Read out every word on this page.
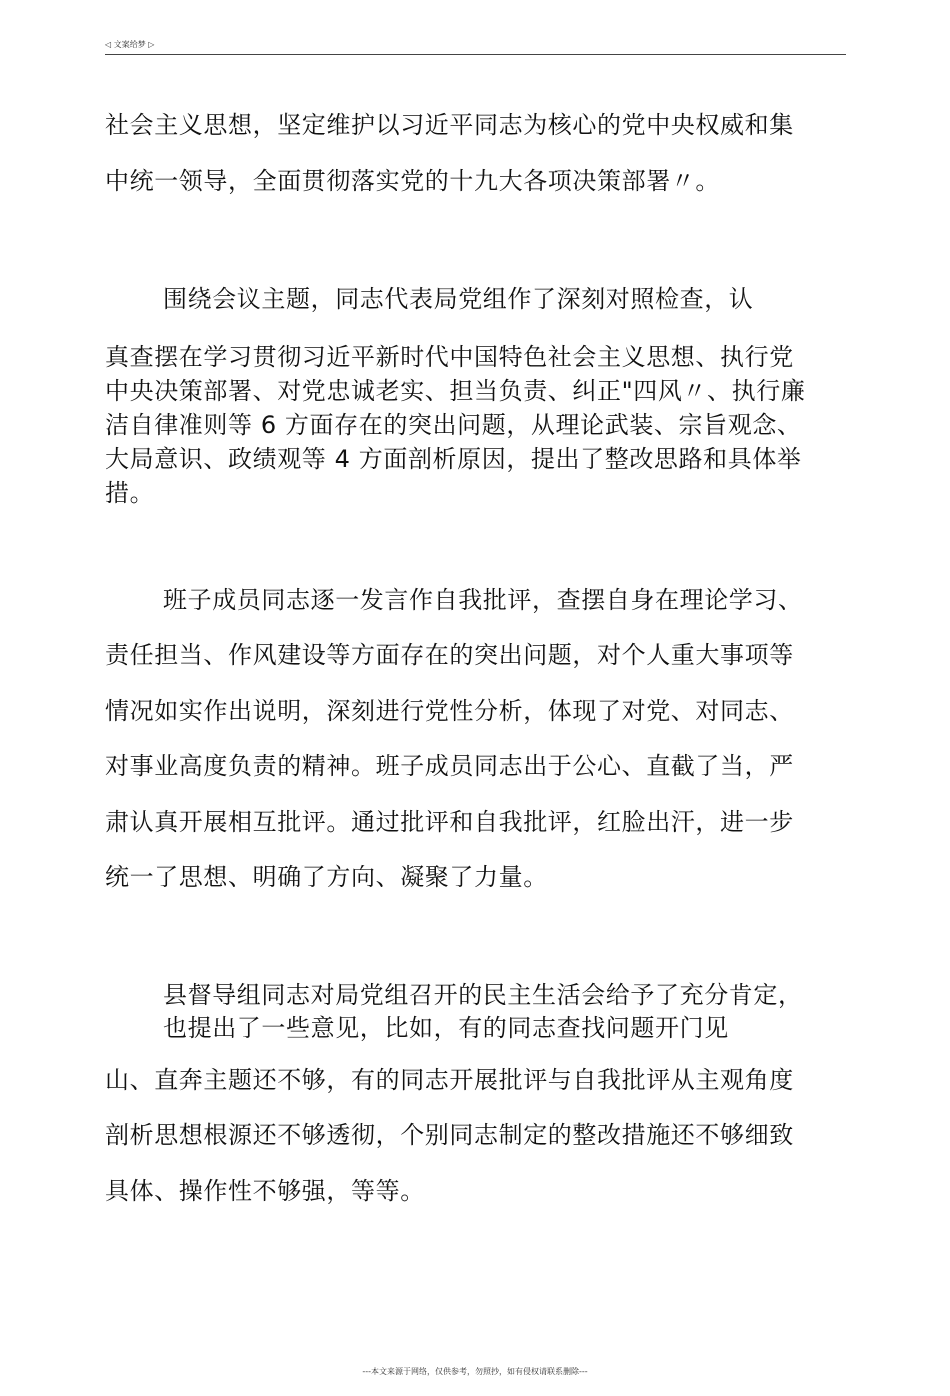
◁ 文案给梦 ▷
社会主义思想，坚定维护以习近平同志为核心的党中央权威和集
中统一领导，全面贯彻落实党的十九大各项决策部署〃。
围绕会议主题，同志代表局党组作了深刻对照检查，认
真查摆在学习贯彻习近平新时代中国特色社会主义思想、执行党
中央决策部署、对党忠诚老实、担当负责、纠正"四风〃、执行廉
洁自律准则等 6 方面存在的突出问题，从理论武装、宗旨观念、
大局意识、政绩观等 4 方面剖析原因，提出了整改思路和具体举
措。
班子成员同志逐一发言作自我批评，查摆自身在理论学习、
责任担当、作风建设等方面存在的突出问题，对个人重大事项等
情况如实作出说明，深刻进行党性分析，体现了对党、对同志、
对事业高度负责的精神。班子成员同志出于公心、直截了当，严
肃认真开展相互批评。通过批评和自我批评，红脸出汗，进一步
统一了思想、明确了方向、凝聚了力量。
县督导组同志对局党组召开的民主生活会给予了充分肯定，
也提出了一些意见，比如，有的同志查找问题开门见
山、直奔主题还不够，有的同志开展批评与自我批评从主观角度
剖析思想根源还不够透彻，个别同志制定的整改措施还不够细致
具体、操作性不够强，等等。
---本文来源于网络，仅供参考，勿照抄，如有侵权请联系删除---
